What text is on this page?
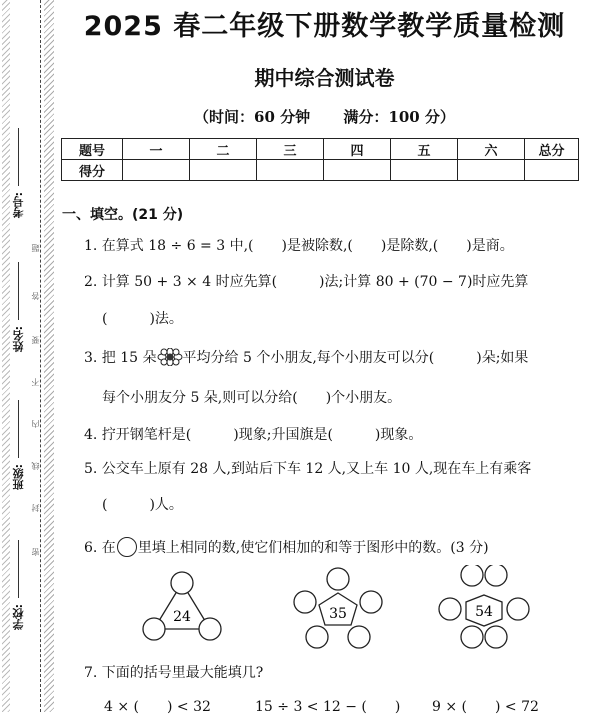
考号:
姓名:
班级:
学校:
题
答
要
不
内
线
封
密
2025 春二年级下册数学教学质量检测
期中综合测试卷
（时间：60 分钟 满分：100 分）
题号	一	二	三	四	五	六	总分
得分							
一、填空。(21 分)
1. 在算式 18 ÷ 6 = 3 中,(　　)是被除数,(　　)是除数,(　　)是商。
2. 计算 50 + 3 × 4 时应先算(　　　)法;计算 80 + (70 − 7)时应先算
(　　　)法。
3. 把 15 朵 平均分给 5 个小朋友,每个小朋友可以分(　　　)朵;如果
每个小朋友分 5 朵,则可以分给(　　)个小朋友。
4. 拧开钢笔杆是(　　　)现象;升国旗是(　　　)现象。
5. 公交车上原有 28 人,到站后下车 12 人,又上车 10 人,现在车上有乘客
(　　　)人。
6. 在 里填上相同的数,使它们相加的和等于图形中的数。(3 分)
24	35	54
7. 下面的括号里最大能填几?
4 × (　　) < 32	15 ÷ 3 < 12 − (　　)	9 × (　　) < 72
